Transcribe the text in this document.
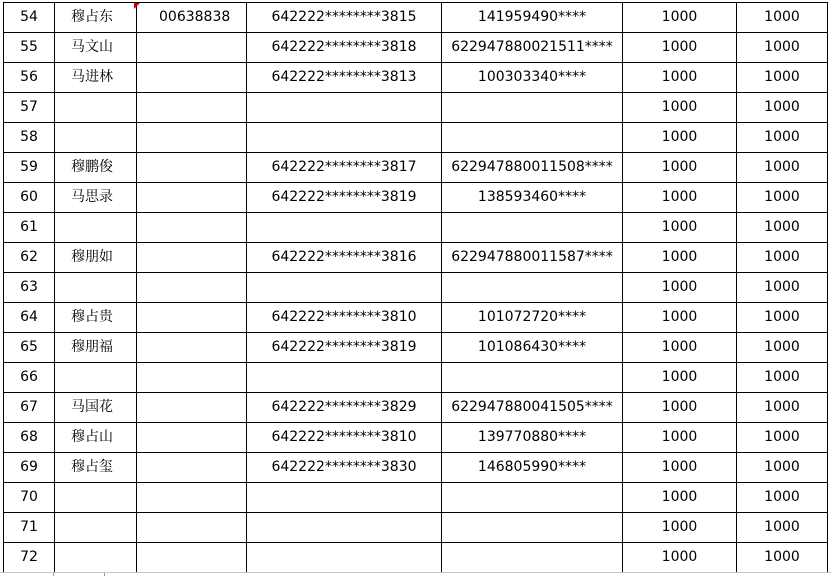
54	穆占东	00638838	642222********3815	141959490****	1000	1000
55	马文山		642222********3818	622947880021511****	1000	1000
56	马进林		642222********3813	100303340****	1000	1000
57					1000	1000
58					1000	1000
59	穆鹏俊		642222********3817	622947880011508****	1000	1000
60	马思录		642222********3819	138593460****	1000	1000
61					1000	1000
62	穆朋如		642222********3816	622947880011587****	1000	1000
63					1000	1000
64	穆占贵		642222********3810	101072720****	1000	1000
65	穆朋福		642222********3819	101086430****	1000	1000
66					1000	1000
67	马国花		642222********3829	622947880041505****	1000	1000
68	穆占山		642222********3810	139770880****	1000	1000
69	穆占玺		642222********3830	146805990****	1000	1000
70					1000	1000
71					1000	1000
72					1000	1000
